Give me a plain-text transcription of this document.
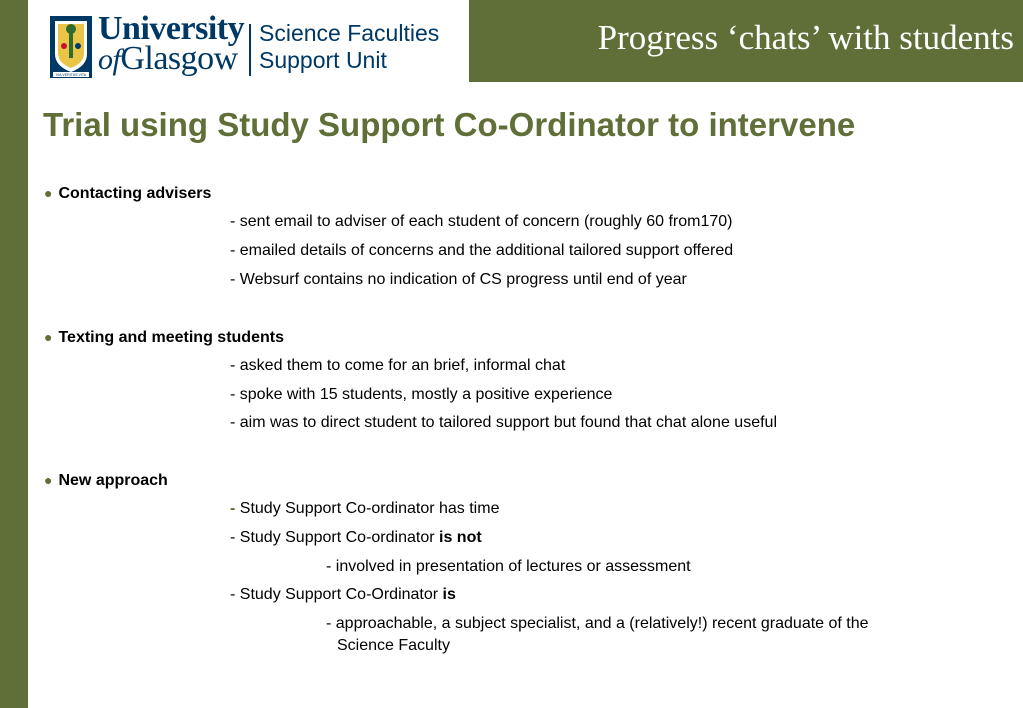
Progress ‘chats’ with students
VIA VERITAS VITA
University
ofGlasgow
Science Faculties
Support Unit
Trial using Study Support Co-Ordinator to intervene
● Contacting advisers
- sent email to adviser of each student of concern (roughly 60 from170)
- emailed details of concerns and the additional tailored support offered
- Websurf contains no indication of CS progress until end of year
● Texting and meeting students
- asked them to come for an brief, informal chat
- spoke with 15 students, mostly a positive experience
- aim was to direct student to tailored support but found that chat alone useful
● New approach
- Study Support Co-ordinator has time
- Study Support Co-ordinator is not
- involved in presentation of lectures or assessment
- Study Support Co-Ordinator is
- approachable, a subject specialist, and a (relatively!) recent graduate of the
Science Faculty
